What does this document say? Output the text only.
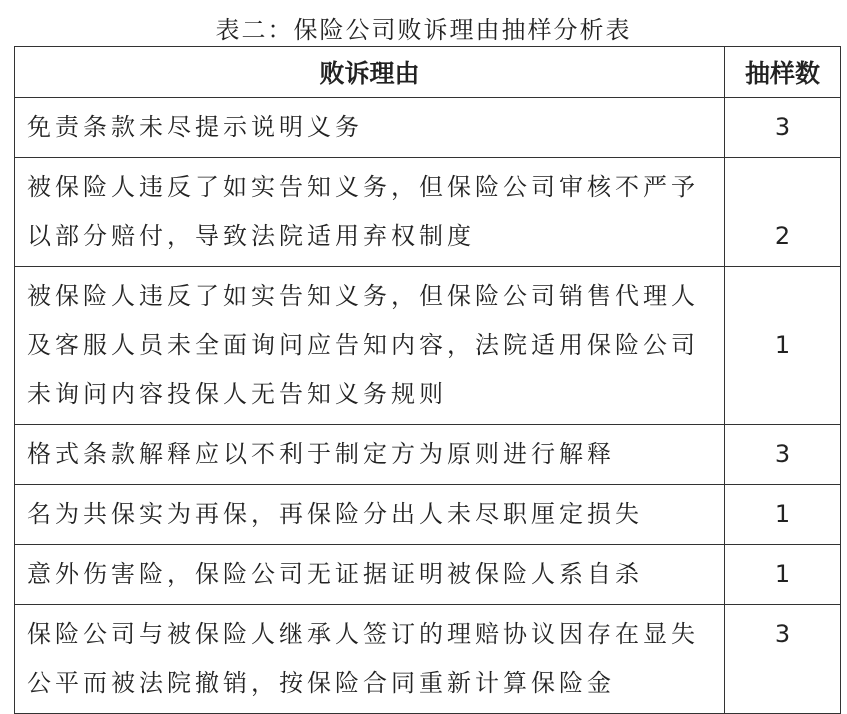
表二：保险公司败诉理由抽样分析表
败诉理由	抽样数
免责条款未尽提示说明义务	3
被保险人违反了如实告知义务，但保险公司审核不严予以部分赔付，导致法院适用弃权制度	2
被保险人违反了如实告知义务，但保险公司销售代理人及客服人员未全面询问应告知内容，法院适用保险公司未询问内容投保人无告知义务规则	1
格式条款解释应以不利于制定方为原则进行解释	3
名为共保实为再保，再保险分出人未尽职厘定损失	1
意外伤害险，保险公司无证据证明被保险人系自杀	1
保险公司与被保险人继承人签订的理赔协议因存在显失公平而被法院撤销，按保险合同重新计算保险金	3
